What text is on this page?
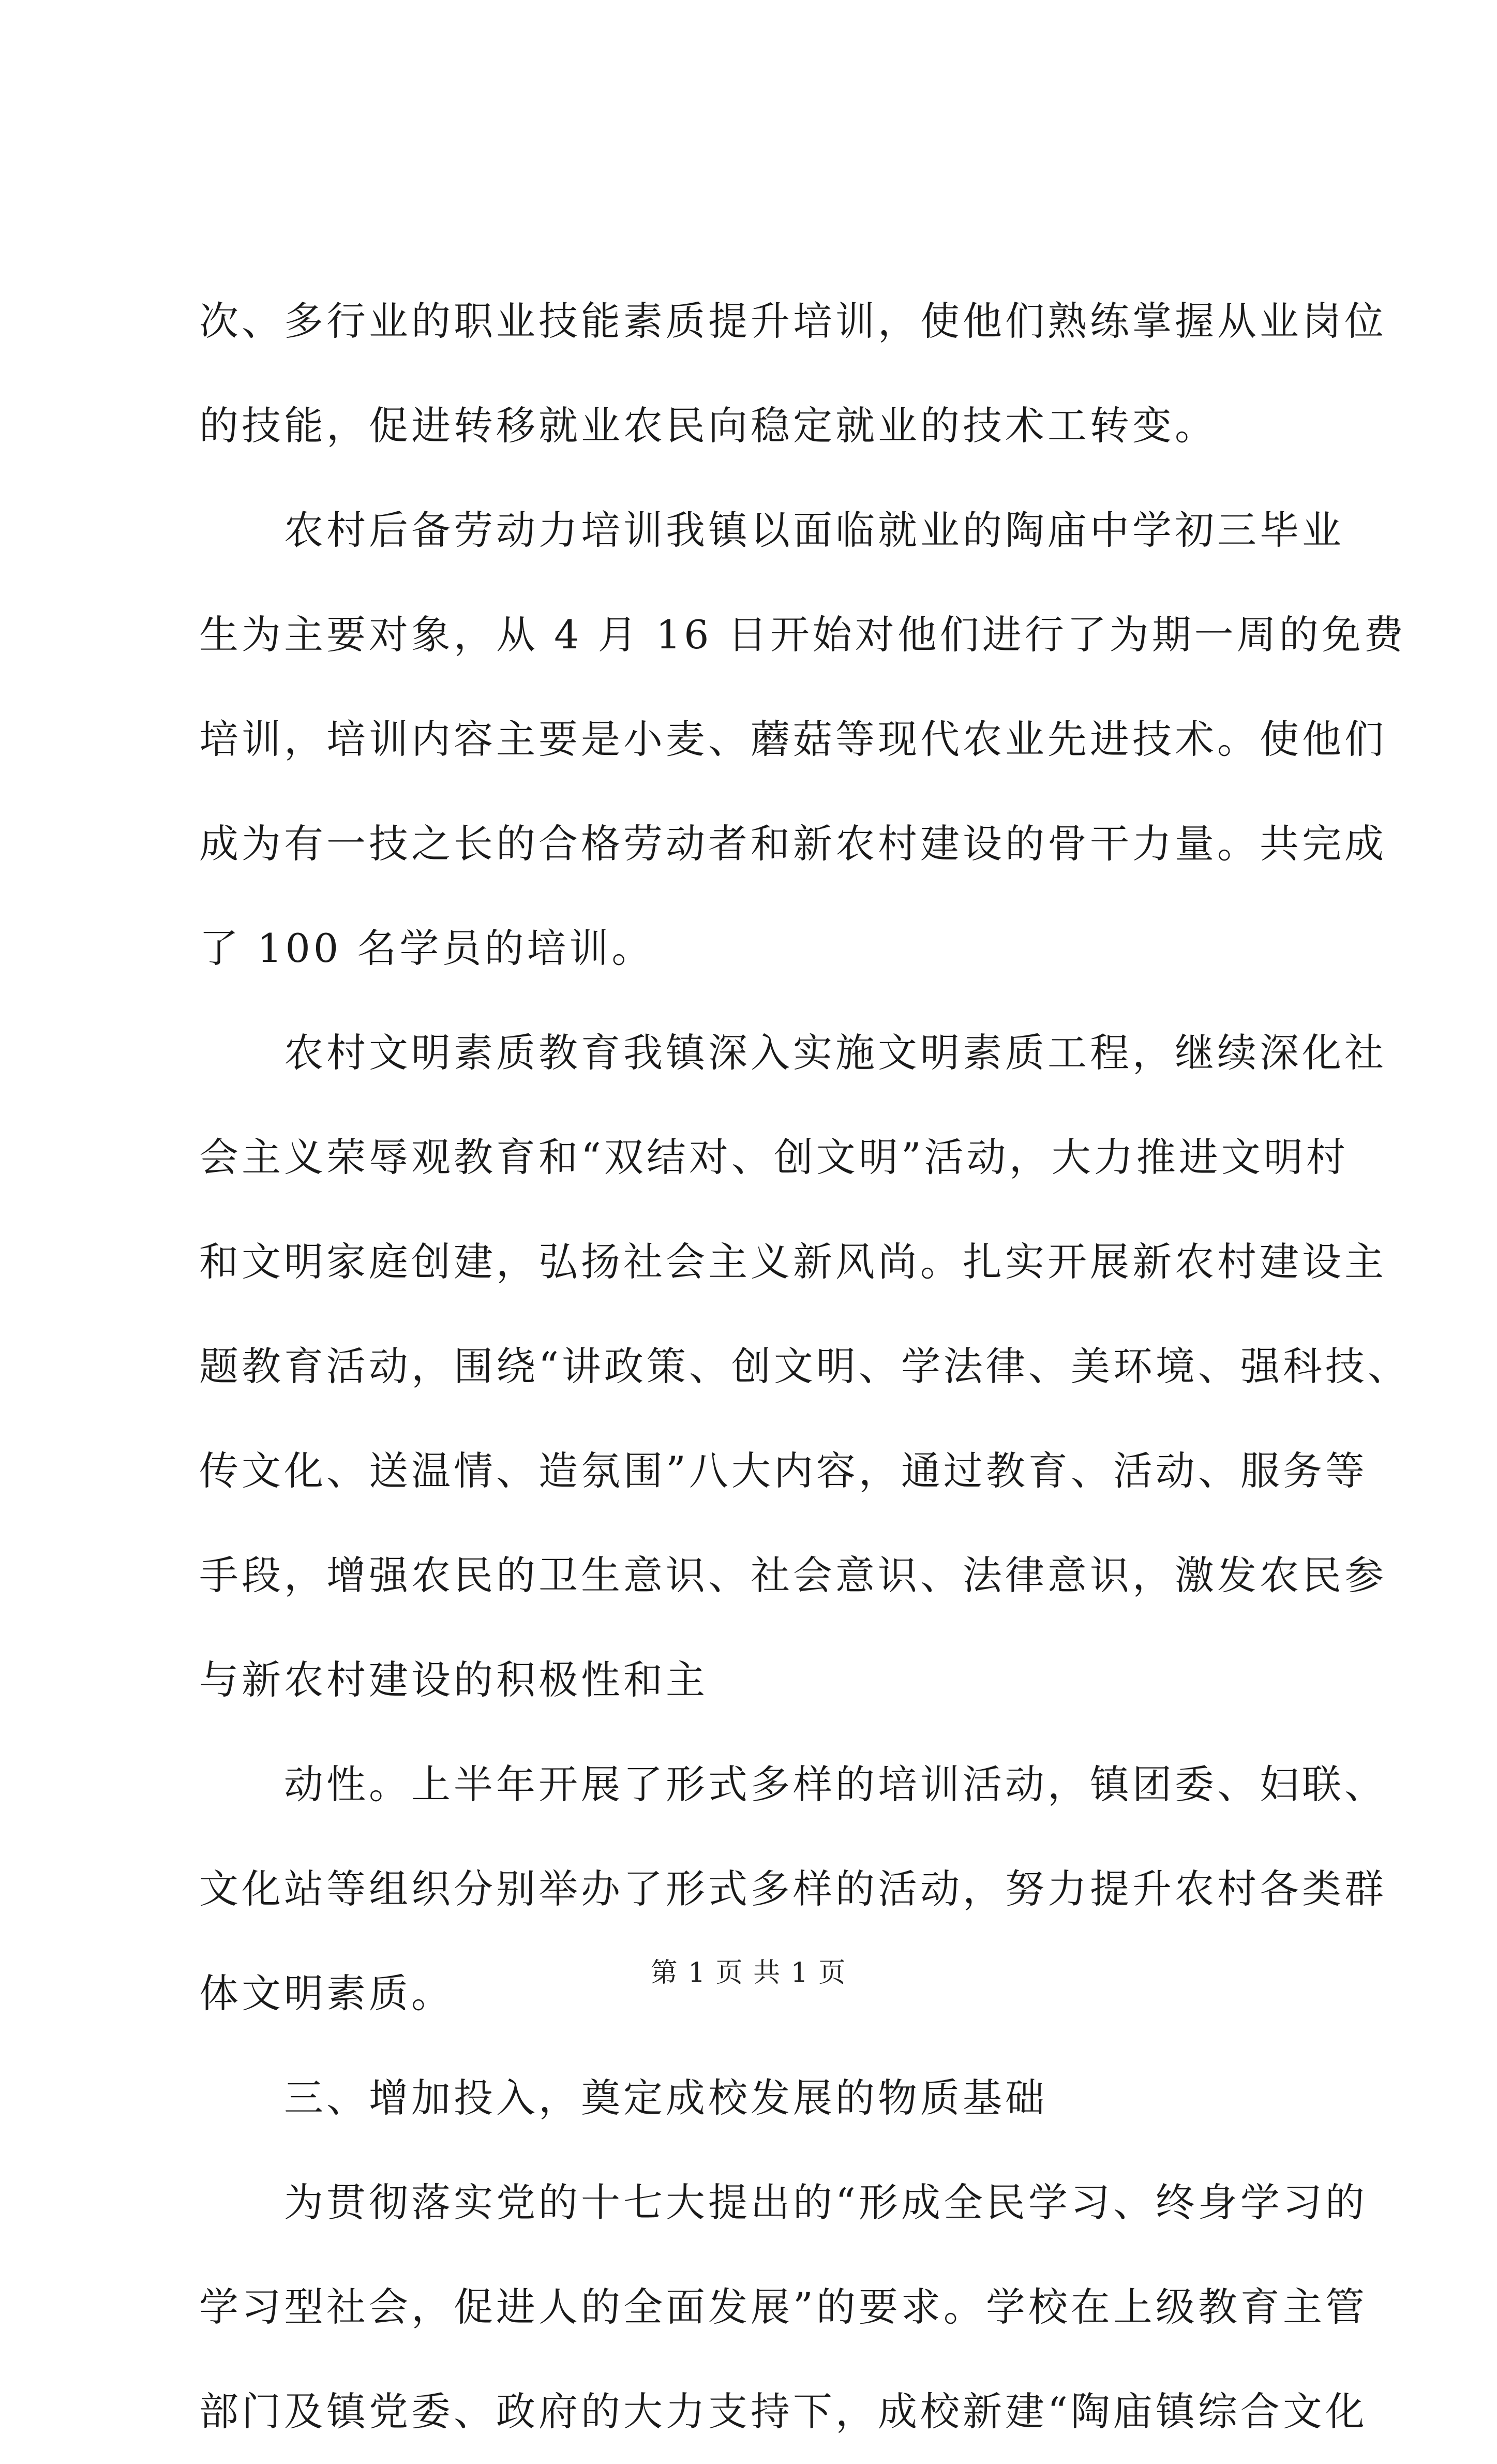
次、多行业的职业技能素质提升培训，使他们熟练掌握从业岗位
的技能，促进转移就业农民向稳定就业的技术工转变。
　　农村后备劳动力培训我镇以面临就业的陶庙中学初三毕业
生为主要对象，从 4 月 16 日开始对他们进行了为期一周的免费
培训，培训内容主要是小麦、蘑菇等现代农业先进技术。使他们
成为有一技之长的合格劳动者和新农村建设的骨干力量。共完成
了 100 名学员的培训。
　　农村文明素质教育我镇深入实施文明素质工程，继续深化社
会主义荣辱观教育和“双结对、创文明”活动，大力推进文明村
和文明家庭创建，弘扬社会主义新风尚。扎实开展新农村建设主
题教育活动，围绕“讲政策、创文明、学法律、美环境、强科技、
传文化、送温情、造氛围”八大内容，通过教育、活动、服务等
手段，增强农民的卫生意识、社会意识、法律意识，激发农民参
与新农村建设的积极性和主
　　动性。上半年开展了形式多样的培训活动，镇团委、妇联、
文化站等组织分别举办了形式多样的活动，努力提升农村各类群
体文明素质。
　　三、增加投入，奠定成校发展的物质基础
　　为贯彻落实党的十七大提出的“形成全民学习、终身学习的
学习型社会，促进人的全面发展”的要求。学校在上级教育主管
部门及镇党委、政府的大力支持下，成校新建“陶庙镇综合文化
第 1 页 共 1 页
